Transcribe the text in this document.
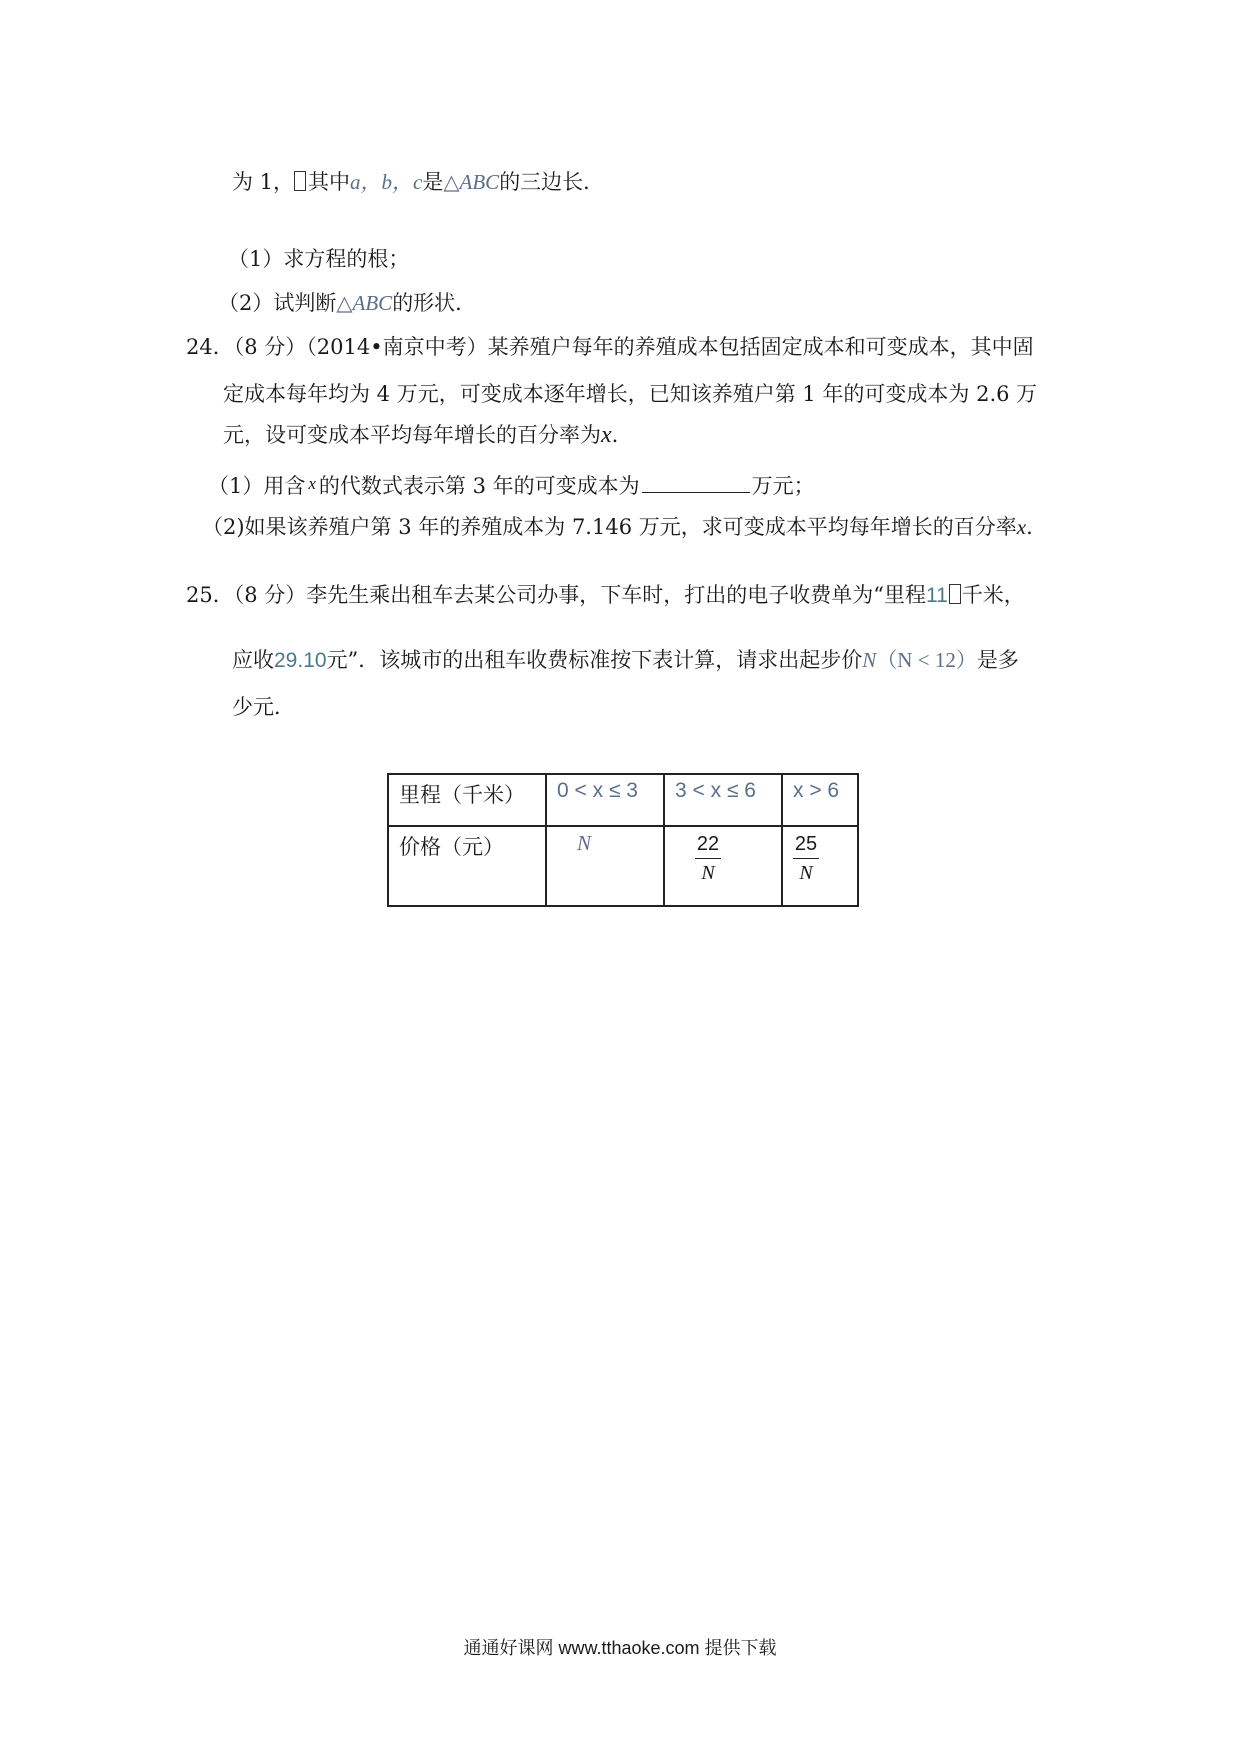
为 1， 其中a，b，c是△ABC的三边长．
（1）求方程的根；
（2）试判断△ABC的形状．
24．（8 分）（2014•南京中考）某养殖户每年的养殖成本包括固定成本和可变成本，其中固
定成本每年均为 4 万元，可变成本逐年增长，已知该养殖户第 1 年的可变成本为 2.6 万
元，设可变成本平均每年增长的百分率为x.
（1）用含 x 的代数式表示第 3 年的可变成本为	万元；
（2)如果该养殖户第 3 年的养殖成本为 7.146 万元，求可变成本平均每年增长的百分率x.
25．（8 分）李先生乘出租车去某公司办事，下车时，打出的电子收费单为“里程11 千米，
应收29.10元”．该城市的出租车收费标准按下表计算，请求出起步价N（N < 12）是多
少元．
里程（千米）	0 < x ≤ 3	3 < x ≤ 6	x > 6
价格（元）	N	$\frac{22}{N}$	$\frac{25}{N}$
通通好课网 www.tthaoke.com 提供下载
